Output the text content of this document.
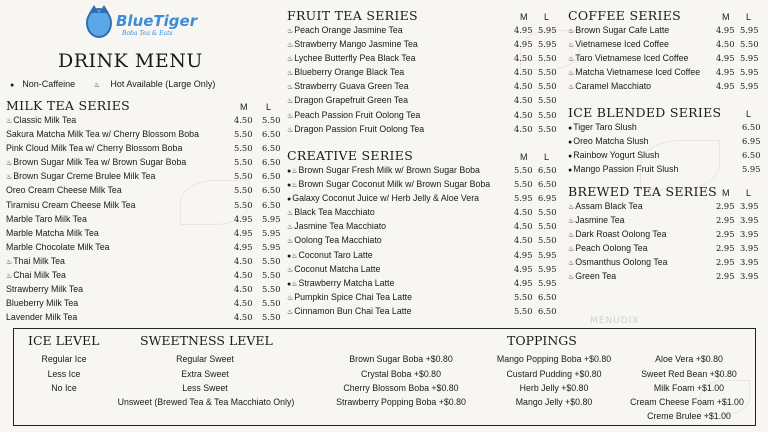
BlueTiger
Boba Tea & Eats
DRINK MENU
● Non-Caffeine	♨ Hot Available (Large Only)
MILK TEA SERIES	M L
♨Classic Milk Tea	4.50 5.50
Sakura Matcha Milk Tea w/ Cherry Blossom Boba	5.50 6.50
Pink Cloud Milk Tea w/ Cherry Blossom Boba	5.50 6.50
♨Brown Sugar Milk Tea w/ Brown Sugar Boba	5.50 6.50
♨Brown Sugar Creme Brulee Milk Tea	5.50 6.50
Oreo Cream Cheese Milk Tea	5.50 6.50
Tiramisu Cream Cheese Milk Tea	5.50 6.50
Marble Taro Milk Tea	4.95 5.95
Marble Matcha Milk Tea	4.95 5.95
Marble Chocolate Milk Tea	4.95 5.95
♨Thai Milk Tea	4.50 5.50
♨Chai Milk Tea	4.50 5.50
Strawberry Milk Tea	4.50 5.50
Blueberry Milk Tea	4.50 5.50
Lavender Milk Tea	4.50 5.50
FRUIT TEA SERIES	M L
♨Peach Orange Jasmine Tea	4.95 5.95
♨Strawberry Mango Jasmine Tea	4.95 5.95
♨Lychee Butterfly Pea Black Tea	4.50 5.50
♨Blueberry Orange Black Tea	4.50 5.50
♨Strawberry Guava Green Tea	4.50 5.50
♨Dragon Grapefruit Green Tea	4.50 5.50
♨Peach Passion Fruit Oolong Tea	4.50 5.50
♨Dragon Passion Fruit Oolong Tea	4.50 5.50
CREATIVE SERIES	M L
●♨Brown Sugar Fresh Milk w/ Brown Sugar Boba	5.50 6.50
●♨Brown Sugar Coconut Milk w/ Brown Sugar Boba	5.50 6.50
●Galaxy Coconut Juice w/ Herb Jelly & Aloe Vera	5.95 6.95
♨Black Tea Macchiato	4.50 5.50
♨Jasmine Tea Macchiato	4.50 5.50
♨Oolong Tea Macchiato	4.50 5.50
●♨Coconut Taro Latte	4.95 5.95
♨Coconut Matcha Latte	4.95 5.95
●♨Strawberry Matcha Latte	4.95 5.95
♨Pumpkin Spice Chai Tea Latte	5.50 6.50
♨Cinnamon Bun Chai Tea Latte	5.50 6.50
COFFEE SERIES	M L
♨Brown Sugar Cafe Latte	4.95 5.95
♨Vietnamese Iced Coffee	4.50 5.50
♨Taro Vietnamese Iced Coffee	4.95 5.95
♨Matcha Vietnamese Iced Coffee 4.95 5.95
♨Caramel Macchiato	4.95 5.95
ICE BLENDED SERIES	L
●Tiger Taro Slush	6.50
●Oreo Matcha Slush	6.95
●Rainbow Yogurt Slush	6.50
●Mango Passion Fruit Slush	5.95
BREWED TEA SERIES M L
♨Assam Black Tea	2.95 3.95
♨Jasmine Tea	2.95 3.95
♨Dark Roast Oolong Tea	2.95 3.95
♨Peach Oolong Tea	2.95 3.95
♨Osmanthus Oolong Tea	2.95 3.95
♨Green Tea	2.95 3.95
ICE LEVEL
Regular Ice
Less Ice
No Ice
SWEETNESS LEVEL
Regular Sweet
Extra Sweet
Less Sweet
Unsweet (Brewed Tea & Tea Macchiato Only)
TOPPINGS
Brown Sugar Boba +$0.80
Crystal Boba +$0.80
Cherry Blossom Boba +$0.80
Strawberry Popping Boba +$0.80
Mango Popping Boba +$0.80
Custard Pudding +$0.80
Herb Jelly +$0.80
Mango Jelly +$0.80
Aloe Vera +$0.80
Sweet Red Bean +$0.80
Milk Foam +$1.00
Cream Cheese Foam +$1.00
Creme Brulee +$1.00
MENUDIX
